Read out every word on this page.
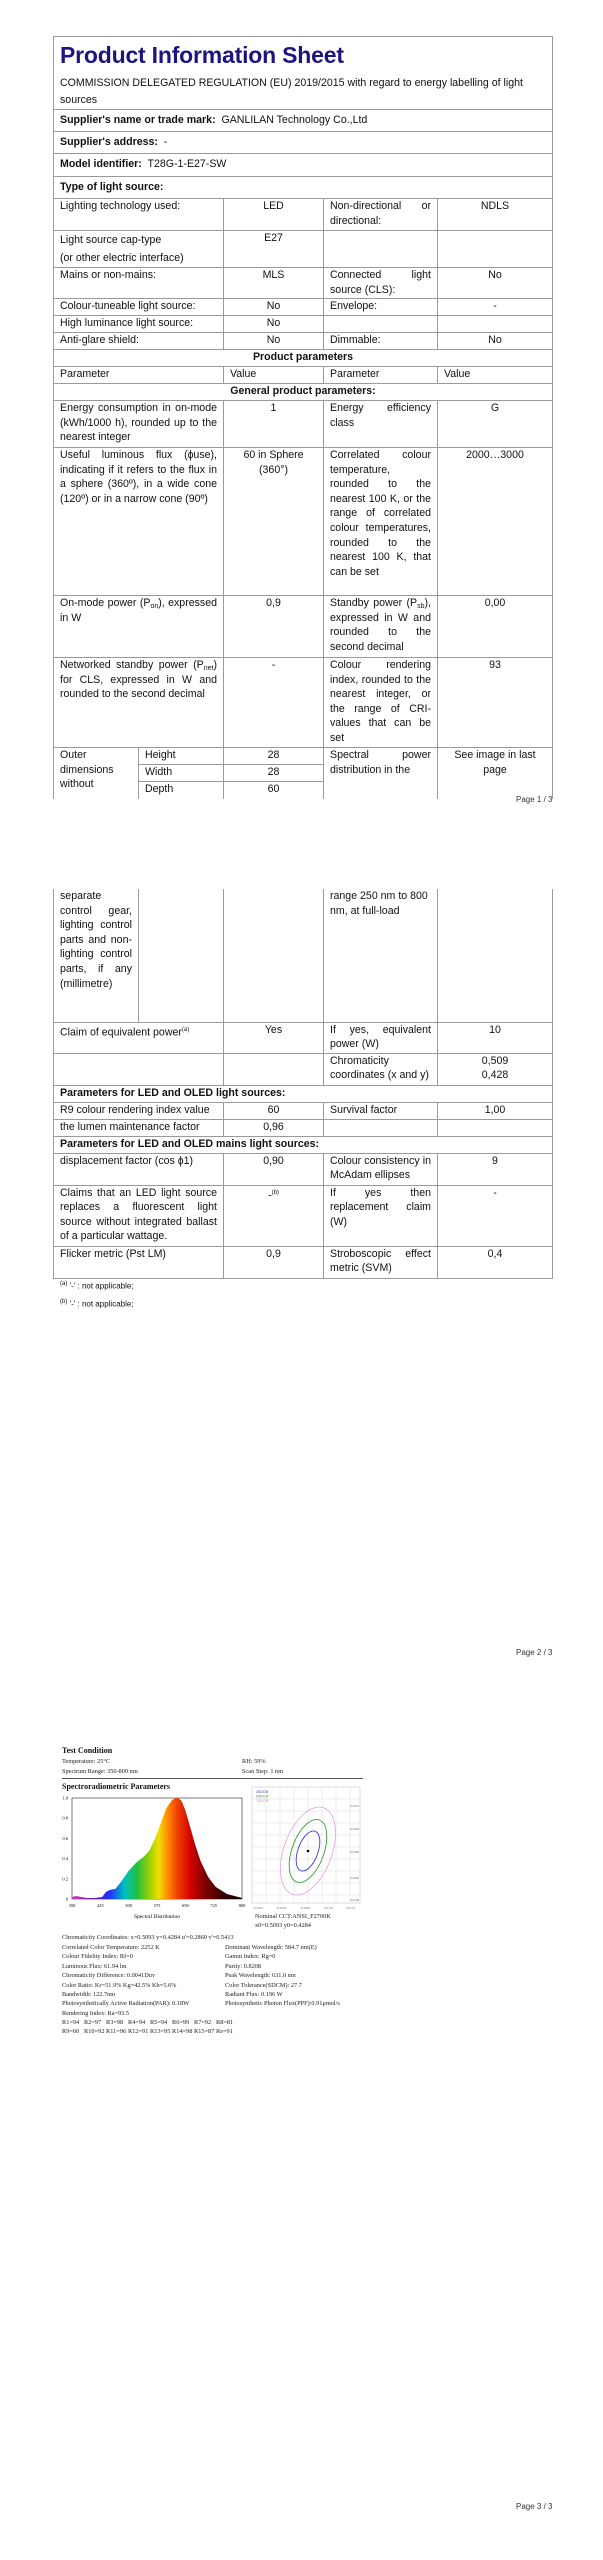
Product Information Sheet
COMMISSION DELEGATED REGULATION (EU) 2019/2015 with regard to energy labelling of light sources				

Supplier's name or trade mark: GANLILAN Technology Co.,Ltd				
Supplier's address: -				
Model identifier: T28G-1-E27-SW				
Type of light source:				
Lighting technology used:		LED	Non-directional or directional:	NDLS

Light source cap-type
(or other electric interface)		E27		
Mains or non-mains:		MLS	Connected light source (CLS):	No
Colour-tuneable light source:		No	Envelope:	-
High luminance light source:		No		
Anti-glare shield:		No	Dimmable:	No
Product parameters				
Parameter		Value	Parameter	Value
General product parameters:				
Energy consumption in on-mode (kWh/1000 h), rounded up to the nearest integer		1	Energy efficiency class	G
Useful luminous flux (ɸuse), indicating if it refers to the flux in a sphere (360º), in a wide cone (120º) or in a narrow cone (90º)		60 in Sphere (360°)	Correlated colour temperature, rounded to the nearest 100 K, or the range of correlated colour temperatures, rounded to the nearest 100 K, that can be set	2000…3000
On-mode power $(P_{on})$, expressed in W		0,9	Standby power $(P_{sb})$, expressed in W and rounded to the second decimal	0,00
Networked standby power $(P_{net})$ for CLS, expressed in W and rounded to the second decimal		-	Colour rendering index, rounded to the nearest integer, or the range of CRI-values that can be set	93
Outer dimensions without	Height	28	Spectral power distribution in the	See image in last page
	Width	28		
	Depth	60		
Page 1 / 3
separate control gear, lighting control parts and non-lighting control parts, if any (millimetre)			range 250 nm to 800 nm, at full-load	
Claim of equivalent power$^{(a)}$		Yes	If yes, equivalent power (W)	10
			Chromaticity coordinates (x and y)	0,509
0,428

Parameters for LED and OLED light sources:				
R9 colour rendering index value		60	Survival factor	1,00
the lumen maintenance factor		0,96		
Parameters for LED and OLED mains light sources:				
displacement factor (cos ɸ1)		0,90	Colour consistency in McAdam ellipses	9
Claims that an LED light source replaces a fluorescent light source without integrated ballast of a particular wattage.		-$^{(b)}$	If yes then replacement claim (W)	-
Flicker metric (Pst LM)		0,9	Stroboscopic effect metric (SVM)	0,4
$^{(a)}$ '-' : not applicable;
$^{(b)}$ '-' : not applicable;
Page 2 / 3
Test Condition
Temperature: 25°C	RH: 59%
Spectrum Range: 350-800 nm	Scan Step: 1 nm
Spectroradiometric Parameters
350	425	500	575	650	725	800
0
0.2
0.4
0.6
0.8
1.0
Spectral Distribution
3SDCM
5SDCM
7SDCM
0.4372
0.4328
0.4284
0.4240
0.4196
0.5015	0.5054	0.5093	0.5132	0.5171
Nominal CCT:ANSI_F2700K
x0=0.5093 y0=0.4284
Chromaticity Coordinates: x=0.5093 y=0.4284 u'=0.2860 v'=0.5413
Page 3 / 3
Correlated Color Temperature: 2252 K
Colour Fidelity Index: Rf=0
Luminous Flux: 61.94 lm
Chromaticity Difference: 0.0041Duv
Color Ratio: Kr=51.9% Kg=42.5% Kb=5.6%
Bandwidth: 122.7nm
Photosynthetically Active Radiation(PAR): 0.18W
Rendering Index: Ra=93.5
Dominant Wavelength: 584.7 nm(E)
Gamut Index: Rg=0
Purity: 0.8208
Peak Wavelength: 631.0 nm
Color Tolerance(SDCM): 27.7
Radiant Flux: 0.196 W
Photosynthetic Photon Flux(PPF):0.91μmol/s
R1=94 R2=97 R3=98 R4=94 R5=94 R6=99 R7=92 R8=81
R9=60 R10=92 R11=96 R12=91 R13=95 R14=98 R15=87 Re=91
